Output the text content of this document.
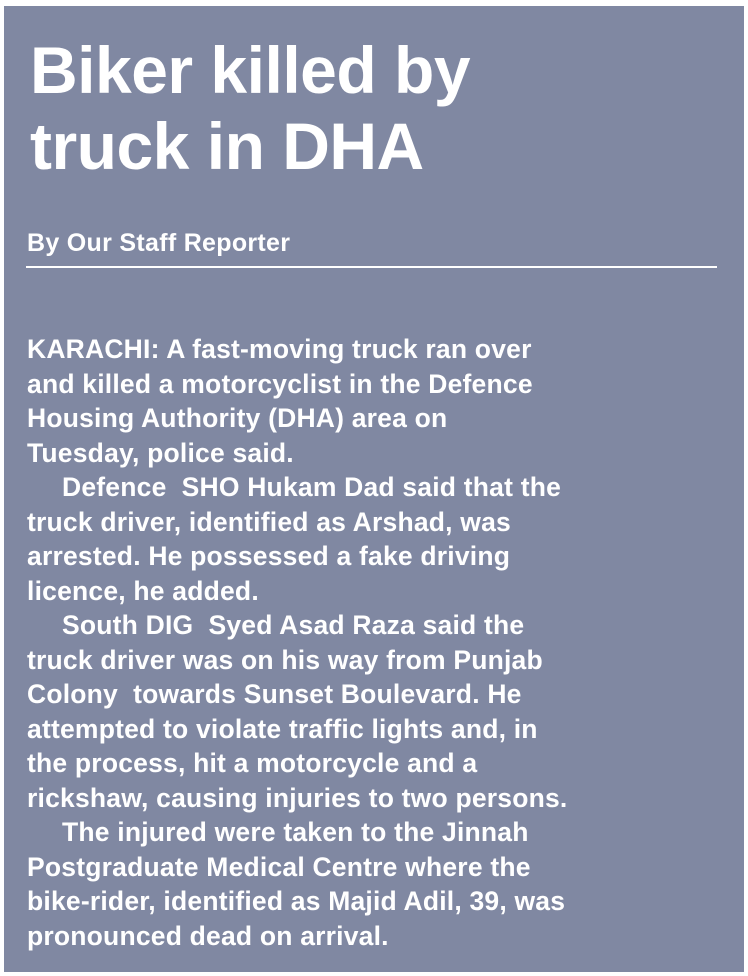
Biker killed by
truck in DHA
By Our Staff Reporter
KARACHI: A fast-moving truck ran over
and killed a motorcyclist in the Defence
Housing Authority (DHA) area on
Tuesday, police said.
Defence  SHO Hukam Dad said that the
truck driver, identified as Arshad, was
arrested. He possessed a fake driving
licence, he added.
South DIG  Syed Asad Raza said the
truck driver was on his way from Punjab
Colony  towards Sunset Boulevard. He
attempted to violate traffic lights and, in
the process, hit a motorcycle and a
rickshaw, causing injuries to two persons.
The injured were taken to the Jinnah
Postgraduate Medical Centre where the
bike-rider, identified as Majid Adil, 39, was
pronounced dead on arrival.
